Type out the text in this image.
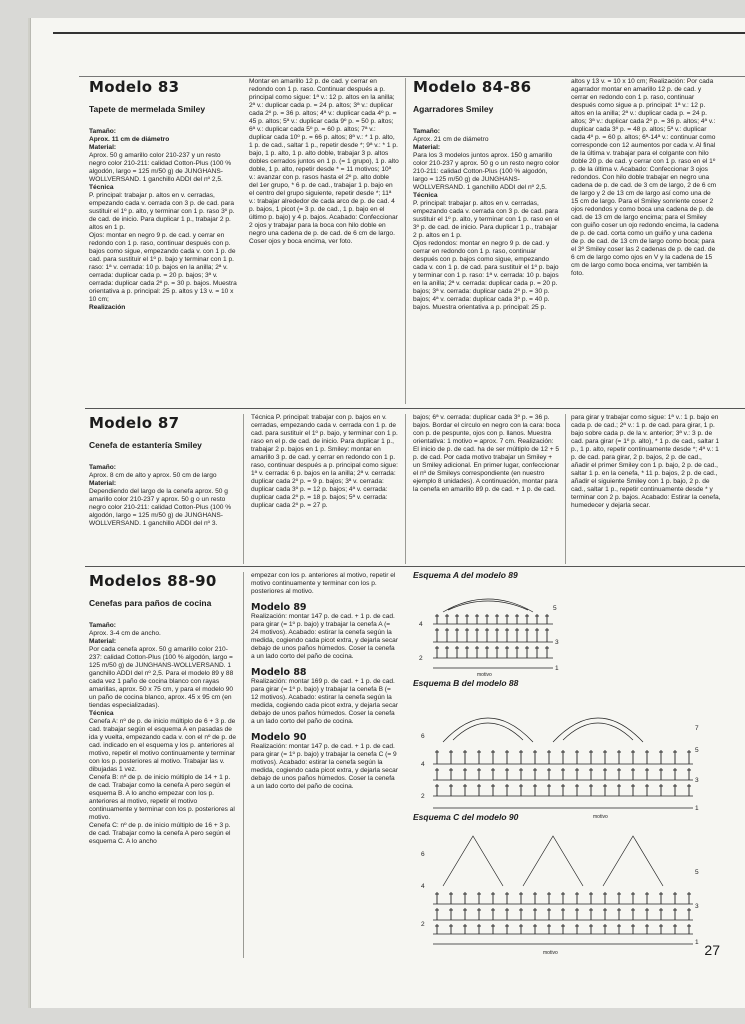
Modelo 83
Tapete de mermelada Smiley

Tamaño:

Aprox. 11 cm de diámetro

Material:

Aprox. 50 g amarillo color 210-237 y un resto negro color 210-211: calidad Cotton-Plus (100 % algodón, largo = 125 m/50 g) de JUNGHANS-WOLLVERSAND. 1 ganchillo ADDI del nº 2,5.

Técnica

P. principal: trabajar p. altos en v. cerradas, empezando cada v. cerrada con 3 p. de cad. para sustituir el 1º p. alto, y terminar con 1 p. raso 3º p. de cad. de inicio. Para duplicar 1 p., trabajar 2 p. altos en 1 p.

Ojos: montar en negro 9 p. de cad. y cerrar en redondo con 1 p. raso, continuar después con p. bajos como sigue, empezando cada v. con 1 p. de cad. para sustituir el 1º p. bajo y terminar con 1 p. raso: 1ª v. cerrada: 10 p. bajos en la anilla; 2ª v. cerrada: duplicar cada p. = 20 p. bajos; 3ª v. cerrada: duplicar cada 2º p. = 30 p. bajos. Muestra orientativa a p. principal: 25 p. altos y 13 v. = 10 x 10 cm;

Realización

Montar en amarillo 12 p. de cad. y cerrar en redondo con 1 p. raso. Continuar después a p. principal como sigue: 1ª v.: 12 p. altos en la anilla; 2ª v.: duplicar cada p. = 24 p. altos; 3ª v.: duplicar cada 2º p. = 36 p. altos; 4ª v.: duplicar cada 4º p. = 45 p. altos; 5ª v.: duplicar cada 9º p. = 50 p. altos; 6ª v.: duplicar cada 5º p. = 60 p. altos; 7ª v.: duplicar cada 10º p. = 66 p. altos; 8ª v.: * 1 p. alto, 1 p. de cad., saltar 1 p., repetir desde *; 9ª v.: * 1 p. bajo, 1 p. alto, 1 p. alto doble, trabajar 3 p. altos dobles cerrados juntos en 1 p. (= 1 grupo), 1 p. alto doble, 1 p. alto, repetir desde * = 11 motivos; 10ª v.: avanzar con p. rasos hasta el 2º p. alto doble del 1er grupo, * 6 p. de cad., trabajar 1 p. bajo en el centro del grupo siguiente, repetir desde *; 11ª v.: trabajar alrededor de cada arco de p. de cad. 4 p. bajos, 1 picot (= 3 p. de cad., 1 p. bajo en el último p. bajo) y 4 p. bajos. Acabado: Confeccionar 2 ojos y trabajar para la boca con hilo doble en negro una cadena de p. de cad. de 6 cm de largo. Coser ojos y boca encima, ver foto.

Modelo 84-86
Agarradores Smiley

Tamaño:

Aprox. 21 cm de diámetro

Material:

Para los 3 modelos juntos aprox. 150 g amarillo color 210-237 y aprox. 50 g o un resto negro color 210-211: calidad Cotton-Plus (100 % algodón, largo = 125 m/50 g) de JUNGHANS-WOLLVERSAND. 1 ganchillo ADDI del nº 2,5.

Técnica

P. principal: trabajar p. altos en v. cerradas, empezando cada v. cerrada con 3 p. de cad. para sustituir el 1º p. alto, y terminar con 1 p. raso en el 3º p. de cad. de inicio. Para duplicar 1 p., trabajar 2 p. altos en 1 p.

Ojos redondos: montar en negro 9 p. de cad. y cerrar en redondo con 1 p. raso, continuar después con p. bajos como sigue, empezando cada v. con 1 p. de cad. para sustituir el 1º p. bajo y terminar con 1 p. raso: 1ª v. cerrada: 10 p. bajos en la anilla; 2ª v. cerrada: duplicar cada p. = 20 p. bajos; 3ª v. cerrada: duplicar cada 2º p. = 30 p. bajos; 4ª v. cerrada: duplicar cada 3º p. = 40 p. bajos. Muestra orientativa a p. principal: 25 p.

altos y 13 v. = 10 x 10 cm; Realización: Por cada agarrador montar en amarillo 12 p. de cad. y cerrar en redondo con 1 p. raso, continuar después como sigue a p. principal: 1ª v.: 12 p. altos en la anilla; 2ª v.: duplicar cada p. = 24 p. altos; 3ª v.: duplicar cada 2º p. = 36 p. altos; 4ª v.: duplicar cada 3º p. = 48 p. altos; 5ª v.: duplicar cada 4º p. = 60 p. altos; 6ª-14ª v.: continuar como corresponde con 12 aumentos por cada v. Al final de la última v. trabajar para el colgante con hilo doble 20 p. de cad. y cerrar con 1 p. raso en el 1º p. de la última v. Acabado: Confeccionar 3 ojos redondos. Con hilo doble trabajar en negro una cadena de p. de cad. de 3 cm de largo, 2 de 6 cm de largo y 2 de 13 cm de largo así como una de 15 cm de largo. Para el Smiley sonriente coser 2 ojos redondos y como boca una cadena de p. de cad. de 13 cm de largo encima; para el Smiley con guiño coser un ojo redondo encima, la cadena de p. de cad. corta como un guiño y una cadena de p. de cad. de 13 cm de largo como boca; para el 3º Smiley coser las 2 cadenas de p. de cad. de 6 cm de largo como ojos en V y la cadena de 15 cm de largo como boca encima, ver también la foto.

Modelo 87
Cenefa de estantería Smiley

Tamaño:

Aprox. 8 cm de alto y aprox. 50 cm de largo

Material:

Dependiendo del largo de la cenefa aprox. 50 g amarillo color 210-237 y aprox. 50 g o un resto negro color 210-211: calidad Cotton-Plus (100 % algodón, largo = 125 m/50 g) de JUNGHANS-WOLLVERSAND. 1 ganchillo ADDI del nº 3.

Técnica P. principal: trabajar con p. bajos en v. cerradas, empezando cada v. cerrada con 1 p. de cad. para sustituir el 1º p. bajo, y terminar con 1 p. raso en el p. de cad. de inicio. Para duplicar 1 p., trabajar 2 p. bajos en 1 p. Smiley: montar en amarillo 3 p. de cad. y cerrar en redondo con 1 p. raso, continuar después a p. principal como sigue: 1ª v. cerrada: 6 p. bajos en la anilla; 2ª v. cerrada: duplicar cada 2º p. = 9 p. bajos; 3ª v. cerrada: duplicar cada 3º p. = 12 p. bajos; 4ª v. cerrada: duplicar cada 2º p. = 18 p. bajos; 5ª v. cerrada: duplicar cada 2º p. = 27 p.

bajos; 6ª v. cerrada: duplicar cada 3º p. = 36 p. bajos. Bordar el círculo en negro con la cara: boca con p. de pespunte, ojos con p. llanos. Muestra orientativa: 1 motivo = aprox. 7 cm. Realización: El inicio de p. de cad. ha de ser múltiplo de 12 + 5 p. de cad. Por cada motivo trabajar un Smiley + un Smiley adicional. En primer lugar, confeccionar el nº de Smileys correspondiente (en nuestro ejemplo 8 unidades). A continuación, montar para la cenefa en amarillo 89 p. de cad. + 1 p. de cad.

para girar y trabajar como sigue: 1ª v.: 1 p. bajo en cada p. de cad.; 2ª v.: 1 p. de cad. para girar, 1 p. bajo sobre cada p. de la v. anterior; 3ª v.: 3 p. de cad. para girar (= 1º p. alto), * 1 p. de cad., saltar 1 p., 1 p. alto, repetir continuamente desde *; 4ª v.: 1 p. de cad. para girar, 2 p. bajos, 2 p. de cad., añadir el primer Smiley con 1 p. bajo, 2 p. de cad., saltar 1 p. en la cenefa, * 11 p. bajos, 2 p. de cad., añadir el siguiente Smiley con 1 p. bajo, 2 p. de cad., saltar 1 p., repetir continuamente desde * y terminar con 2 p. bajos. Acabado: Estirar la cenefa, humedecer y dejarla secar.

Modelos 88-90
Cenefas para paños de cocina

Tamaño:

Aprox. 3-4 cm de ancho.

Material:

Por cada cenefa aprox. 50 g amarillo color 210-237: calidad Cotton-Plus (100 % algodón, largo = 125 m/50 g) de JUNGHANS-WOLLVERSAND. 1 ganchillo ADDI del nº 2,5. Para el modelo 89 y 88 cada vez 1 paño de cocina blanco con rayas amarillas, aprox. 50 x 75 cm, y para el modelo 90 un paño de cocina blanco, aprox. 45 x 95 cm (en tiendas especializadas).

Técnica

Cenefa A: nº de p. de inicio múltiplo de 6 + 3 p. de cad. trabajar según el esquema A en pasadas de ida y vuelta, empezando cada v. con el nº de p. de cad. indicado en el esquema y los p. anteriores al motivo, repetir el motivo continuamente y terminar con los p. posteriores al motivo. Trabajar las v. dibujadas 1 vez.

Cenefa B: nº de p. de inicio múltiplo de 14 + 1 p. de cad. Trabajar como la cenefa A pero según el esquema B. A lo ancho empezar con los p. anteriores al motivo, repetir el motivo continuamente y terminar con los p. posteriores al motivo.

Cenefa C: nº de p. de inicio múltiplo de 16 + 3 p. de cad. Trabajar como la cenefa A pero según el esquema C. A lo ancho

empezar con los p. anteriores al motivo, repetir el motivo continuamente y terminar con los p. posteriores al motivo.

Modelo 89

Realización: montar 147 p. de cad. + 1 p. de cad. para girar (= 1º p. bajo) y trabajar la cenefa A (= 24 motivos). Acabado: estirar la cenefa según la medida, cogiendo cada picot extra, y dejarla secar debajo de unos paños húmedos. Coser la cenefa a un lado corto del paño de cocina.

Modelo 88

Realización: montar 169 p. de cad. + 1 p. de cad. para girar (= 1º p. bajo) y trabajar la cenefa B (= 12 motivos). Acabado: estirar la cenefa según la medida, cogiendo cada picot extra, y dejarla secar debajo de unos paños húmedos. Coser la cenefa a un lado corto del paño de cocina.

Modelo 90

Realización: montar 147 p. de cad. + 1 p. de cad. para girar (= 1º p. bajo) y trabajar la cenefa C (= 9 motivos). Acabado: estirar la cenefa según la medida, cogiendo cada picot extra, y dejarla secar debajo de unos paños húmedos. Coser la cenefa a un lado corto del paño de cocina.

Esquema A del modelo 89
5
4
3
2
1
motivo
Esquema B del modelo 88
7
6
5
4
3
2
1
motivo
Esquema C del modelo 90
6
5
4
3
2
1
motivo	27
